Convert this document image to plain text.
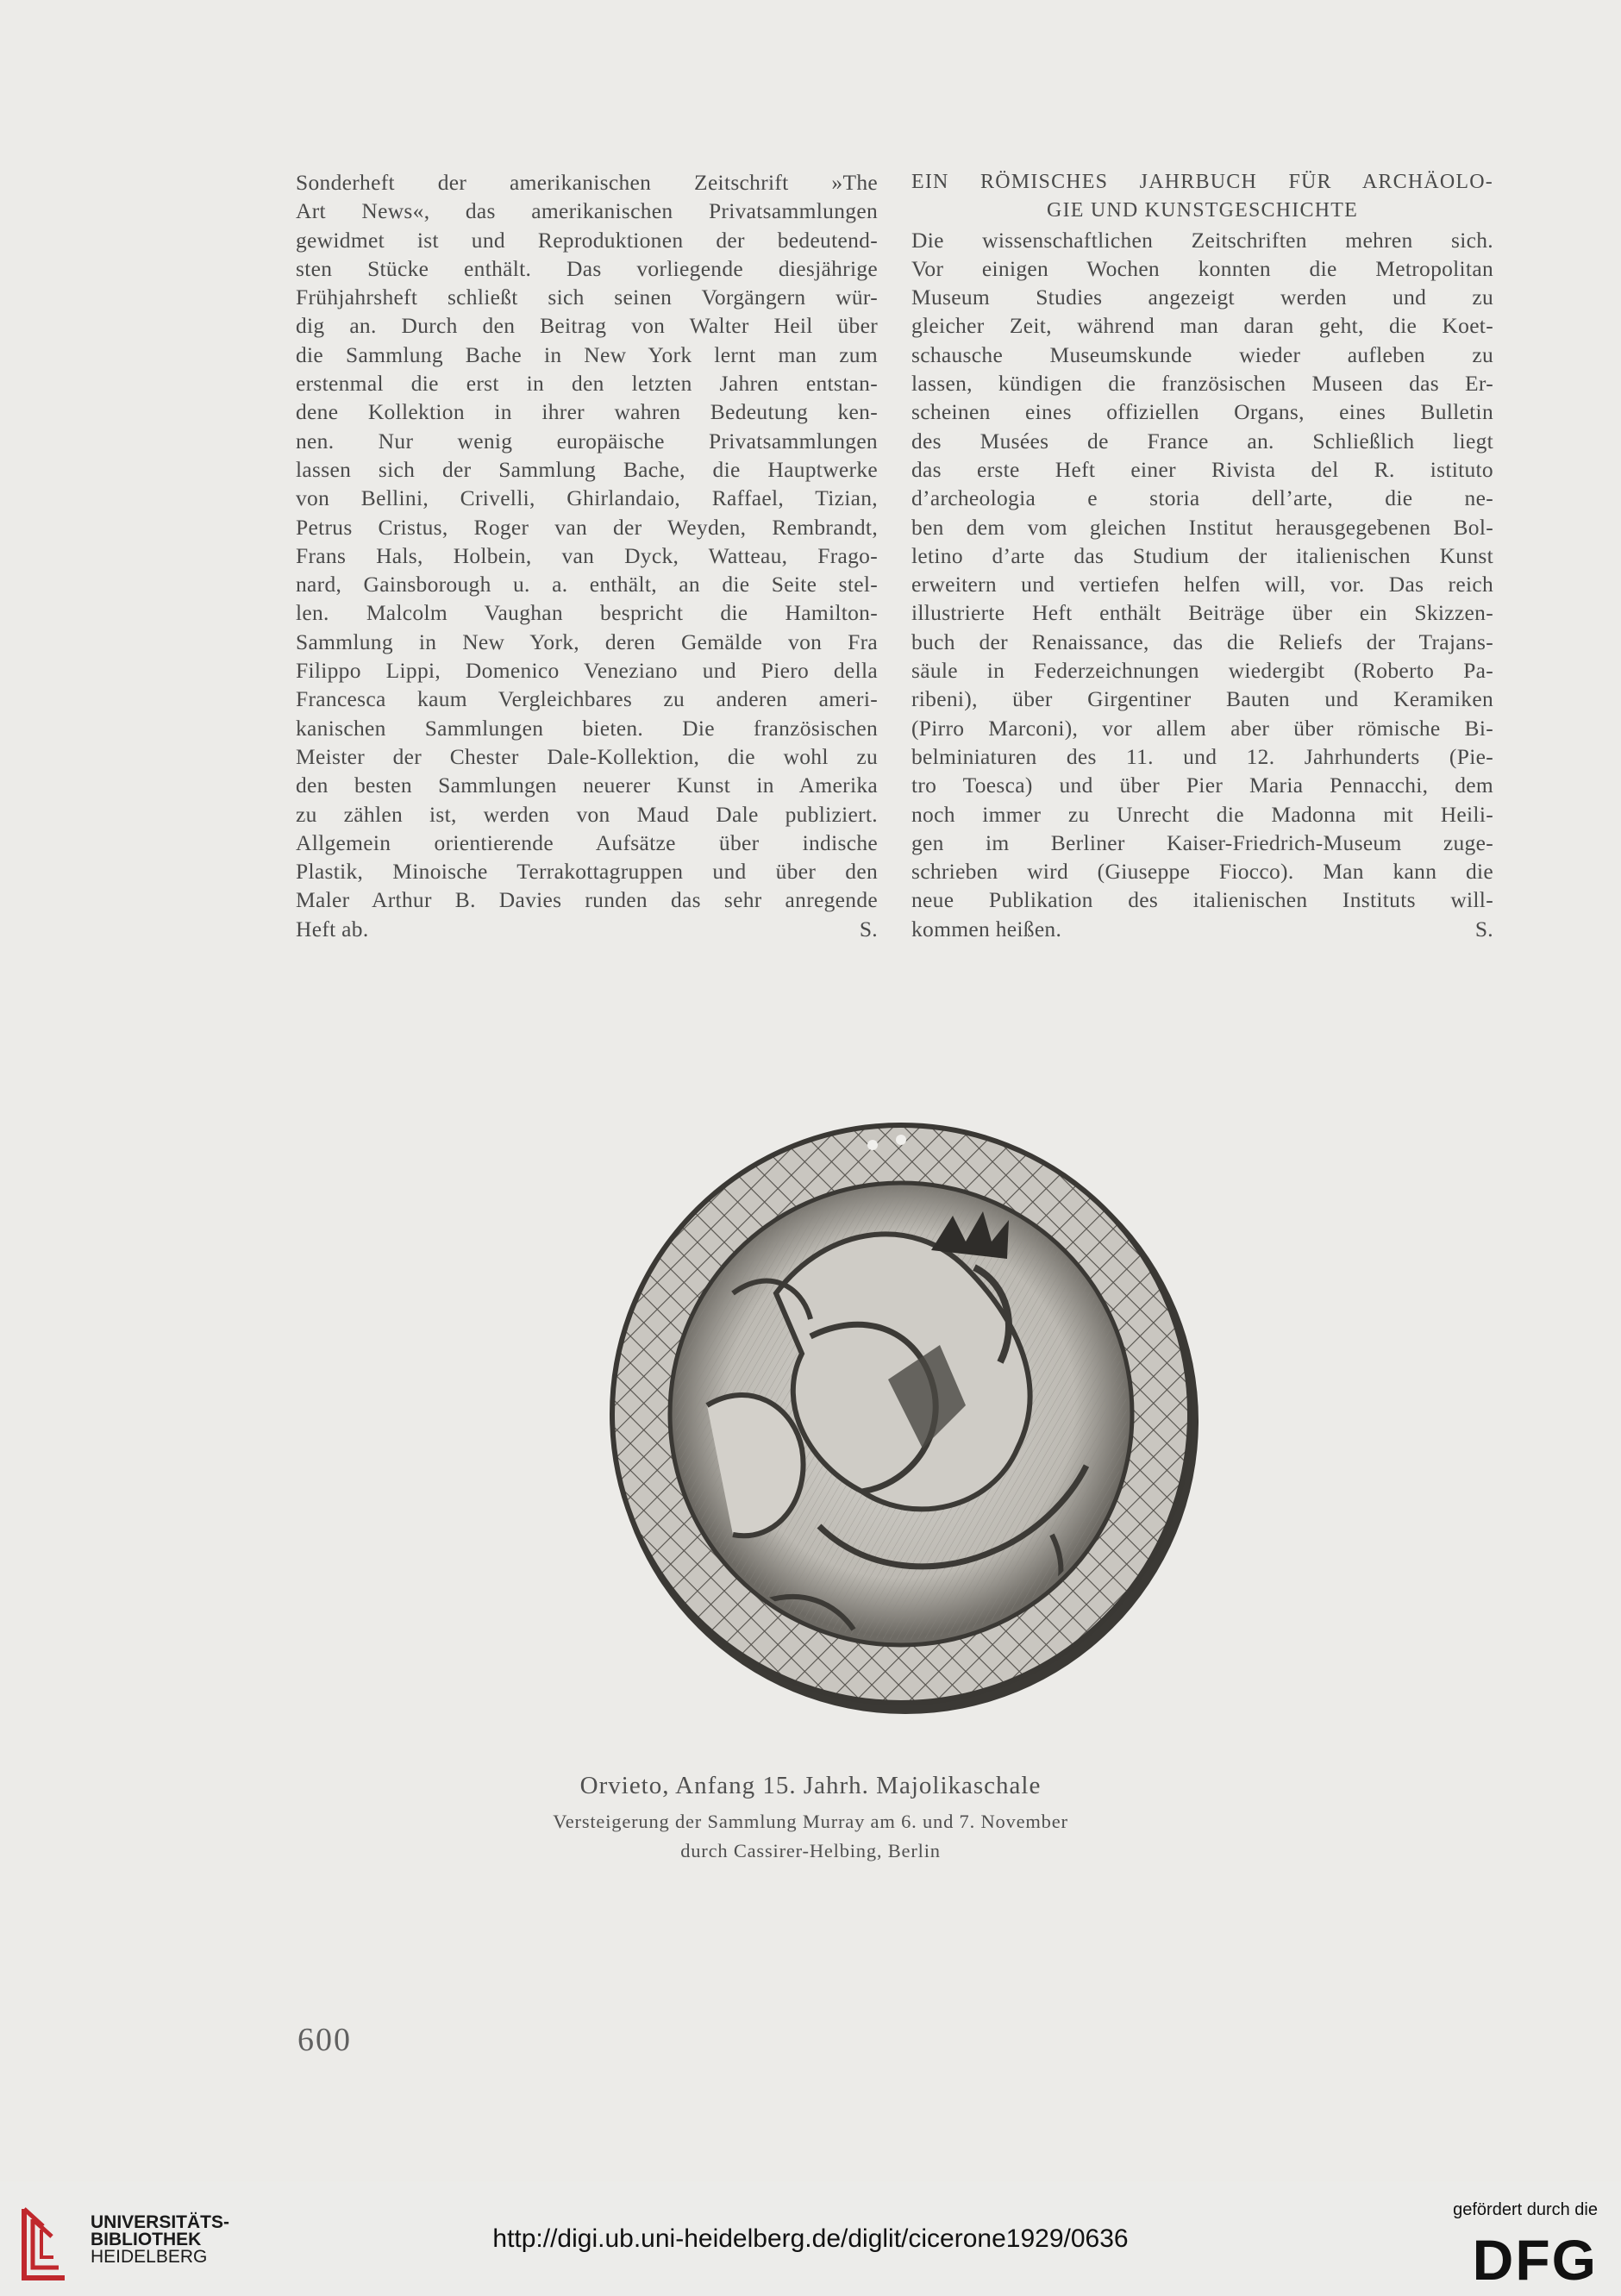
Sonderheft der amerikanischen Zeitschrift »The
Art News«, das amerikanischen Privatsammlungen
gewidmet ist und Reproduktionen der bedeutend-
sten Stücke enthält. Das vorliegende diesjährige
Frühjahrsheft schließt sich seinen Vorgängern wür-
dig an. Durch den Beitrag von Walter Heil über
die Sammlung Bache in New York lernt man zum
erstenmal die erst in den letzten Jahren entstan-
dene Kollektion in ihrer wahren Bedeutung ken-
nen. Nur wenig europäische Privatsammlungen
lassen sich der Sammlung Bache, die Hauptwerke
von Bellini, Crivelli, Ghirlandaio, Raffael, Tizian,
Petrus Cristus, Roger van der Weyden, Rembrandt,
Frans Hals, Holbein, van Dyck, Watteau, Frago-
nard, Gainsborough u. a. enthält, an die Seite stel-
len. Malcolm Vaughan bespricht die Hamilton-
Sammlung in New York, deren Gemälde von Fra
Filippo Lippi, Domenico Veneziano und Piero della
Francesca kaum Vergleichbares zu anderen ameri-
kanischen Sammlungen bieten. Die französischen
Meister der Chester Dale-Kollektion, die wohl zu
den besten Sammlungen neuerer Kunst in Amerika
zu zählen ist, werden von Maud Dale publiziert.
Allgemein orientierende Aufsätze über indische
Plastik, Minoische Terrakottagruppen und über den
Maler Arthur B. Davies runden das sehr anregende
Heft ab.	S.
EIN RÖMISCHES JAHRBUCH FÜR ARCHÄOLO-
GIE UND KUNSTGESCHICHTE
Die wissenschaftlichen Zeitschriften mehren sich.
Vor einigen Wochen konnten die Metropolitan
Museum Studies angezeigt werden und zu
gleicher Zeit, während man daran geht, die Koet-
schausche Museumskunde wieder aufleben zu
lassen, kündigen die französischen Museen das Er-
scheinen eines offiziellen Organs, eines Bulletin
des Musées de France an. Schließlich liegt
das erste Heft einer Rivista del R. istituto
d’archeologia e storia dell’arte, die ne-
ben dem vom gleichen Institut herausgegebenen Bol-
letino d’arte das Studium der italienischen Kunst
erweitern und vertiefen helfen will, vor. Das reich
illustrierte Heft enthält Beiträge über ein Skizzen-
buch der Renaissance, das die Reliefs der Trajans-
säule in Federzeichnungen wiedergibt (Roberto Pa-
ribeni), über Girgentiner Bauten und Keramiken
(Pirro Marconi), vor allem aber über römische Bi-
belminiaturen des 11. und 12. Jahrhunderts (Pie-
tro Toesca) und über Pier Maria Pennacchi, dem
noch immer zu Unrecht die Madonna mit Heili-
gen im Berliner Kaiser-Friedrich-Museum zuge-
schrieben wird (Giuseppe Fiocco). Man kann die
neue Publikation des italienischen Instituts will-
kommen heißen.	S.
Orvieto, Anfang 15. Jahrh. Majolikaschale
Versteigerung der Sammlung Murray am 6. und 7. November
durch Cassirer-Helbing, Berlin
600
UNIVERSITÄTS-
BIBLIOTHEK
HEIDELBERG
http://digi.ub.uni-heidelberg.de/diglit/cicerone1929/0636
gefördert durch die
DFG
